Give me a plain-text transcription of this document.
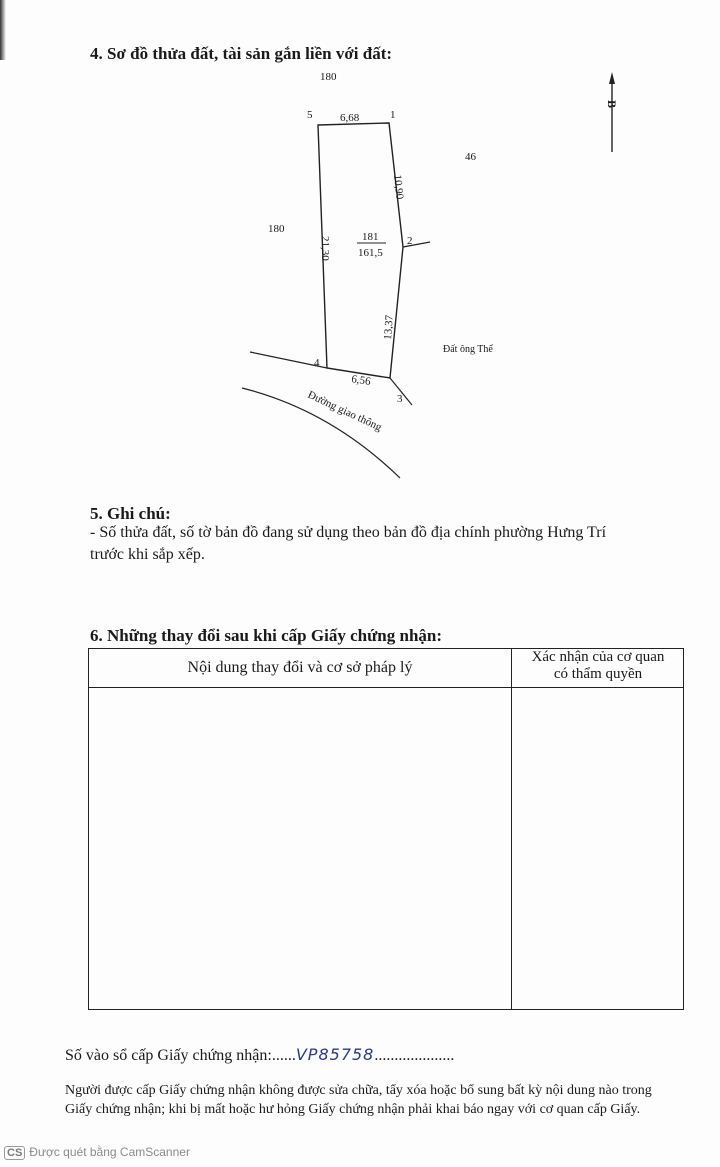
4. Sơ đồ thửa đất, tài sản gắn liền với đất:
180
180
46
Đất ông Thể
5	1
2
3
4
6,68
10,90
13,37
6,56
21,30	181
161,5
Đường giao thông
B
5. Ghi chú:
- Số thửa đất, số tờ bản đồ đang sử dụng theo bản đồ địa chính phường Hưng Trí
trước khi sắp xếp.
6. Những thay đổi sau khi cấp Giấy chứng nhận:
Nội dung thay đổi và cơ sở pháp lý
Xác nhận của cơ quan
có thẩm quyền
Số vào sổ cấp Giấy chứng nhận:......VP85758....................
Người được cấp Giấy chứng nhận không được sửa chữa, tẩy xóa hoặc bổ sung bất kỳ nội dung nào trong
Giấy chứng nhận; khi bị mất hoặc hư hỏng Giấy chứng nhận phải khai báo ngay với cơ quan cấp Giấy.
CS Được quét bằng CamScanner
